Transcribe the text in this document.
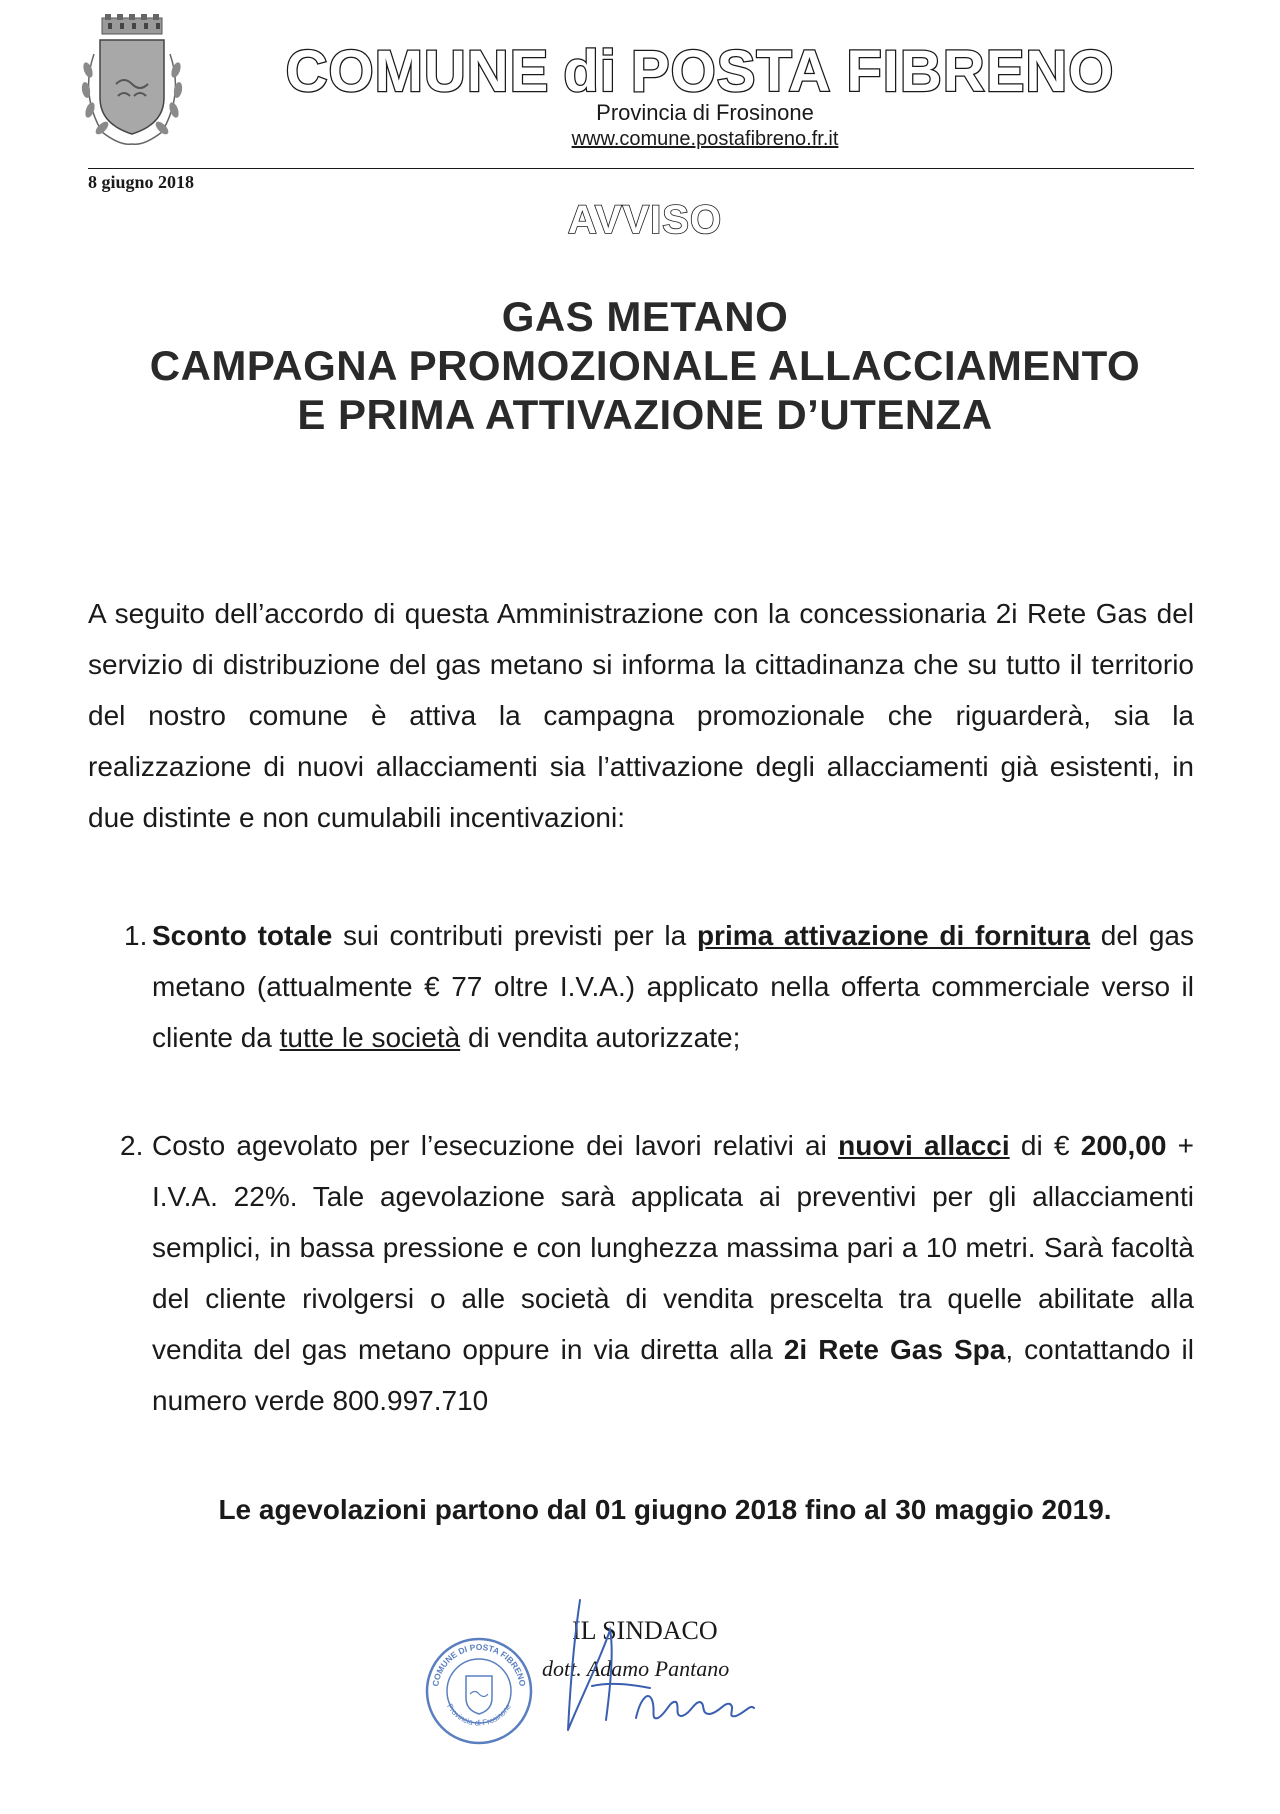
COMUNE di POSTA FIBRENO
Provincia di Frosinone
www.comune.postafibreno.fr.it
8 giugno 2018
AVVISO
GAS METANO
CAMPAGNA PROMOZIONALE ALLACCIAMENTO
E PRIMA ATTIVAZIONE D’UTENZA
A seguito dell’accordo di questa Amministrazione con la concessionaria 2i Rete Gas del servizio di distribuzione del gas metano si informa la cittadinanza che su tutto il territorio del nostro comune è attiva la campagna promozionale che riguarderà, sia la realizzazione di nuovi allacciamenti sia l’attivazione degli allacciamenti già esistenti, in due distinte e non cumulabili incentivazioni:
1. Sconto totale sui contributi previsti per la prima attivazione di fornitura del gas metano (attualmente € 77 oltre I.V.A.) applicato nella offerta commerciale verso il cliente da tutte le società di vendita autorizzate;
2. Costo agevolato per l’esecuzione dei lavori relativi ai nuovi allacci di € 200,00 + I.V.A. 22%. Tale agevolazione sarà applicata ai preventivi per gli allacciamenti semplici, in bassa pressione e con lunghezza massima pari a 10 metri. Sarà facoltà del cliente rivolgersi o alle società di vendita prescelta tra quelle abilitate alla vendita del gas metano oppure in via diretta alla 2i Rete Gas Spa, contattando il numero verde 800.997.710
Le agevolazioni partono dal 01 giugno 2018 fino al 30 maggio 2019.
COMUNE DI POSTA FIBRENO
Provincia di Frosinone
IL SINDACO
dott. Adamo Pantano
